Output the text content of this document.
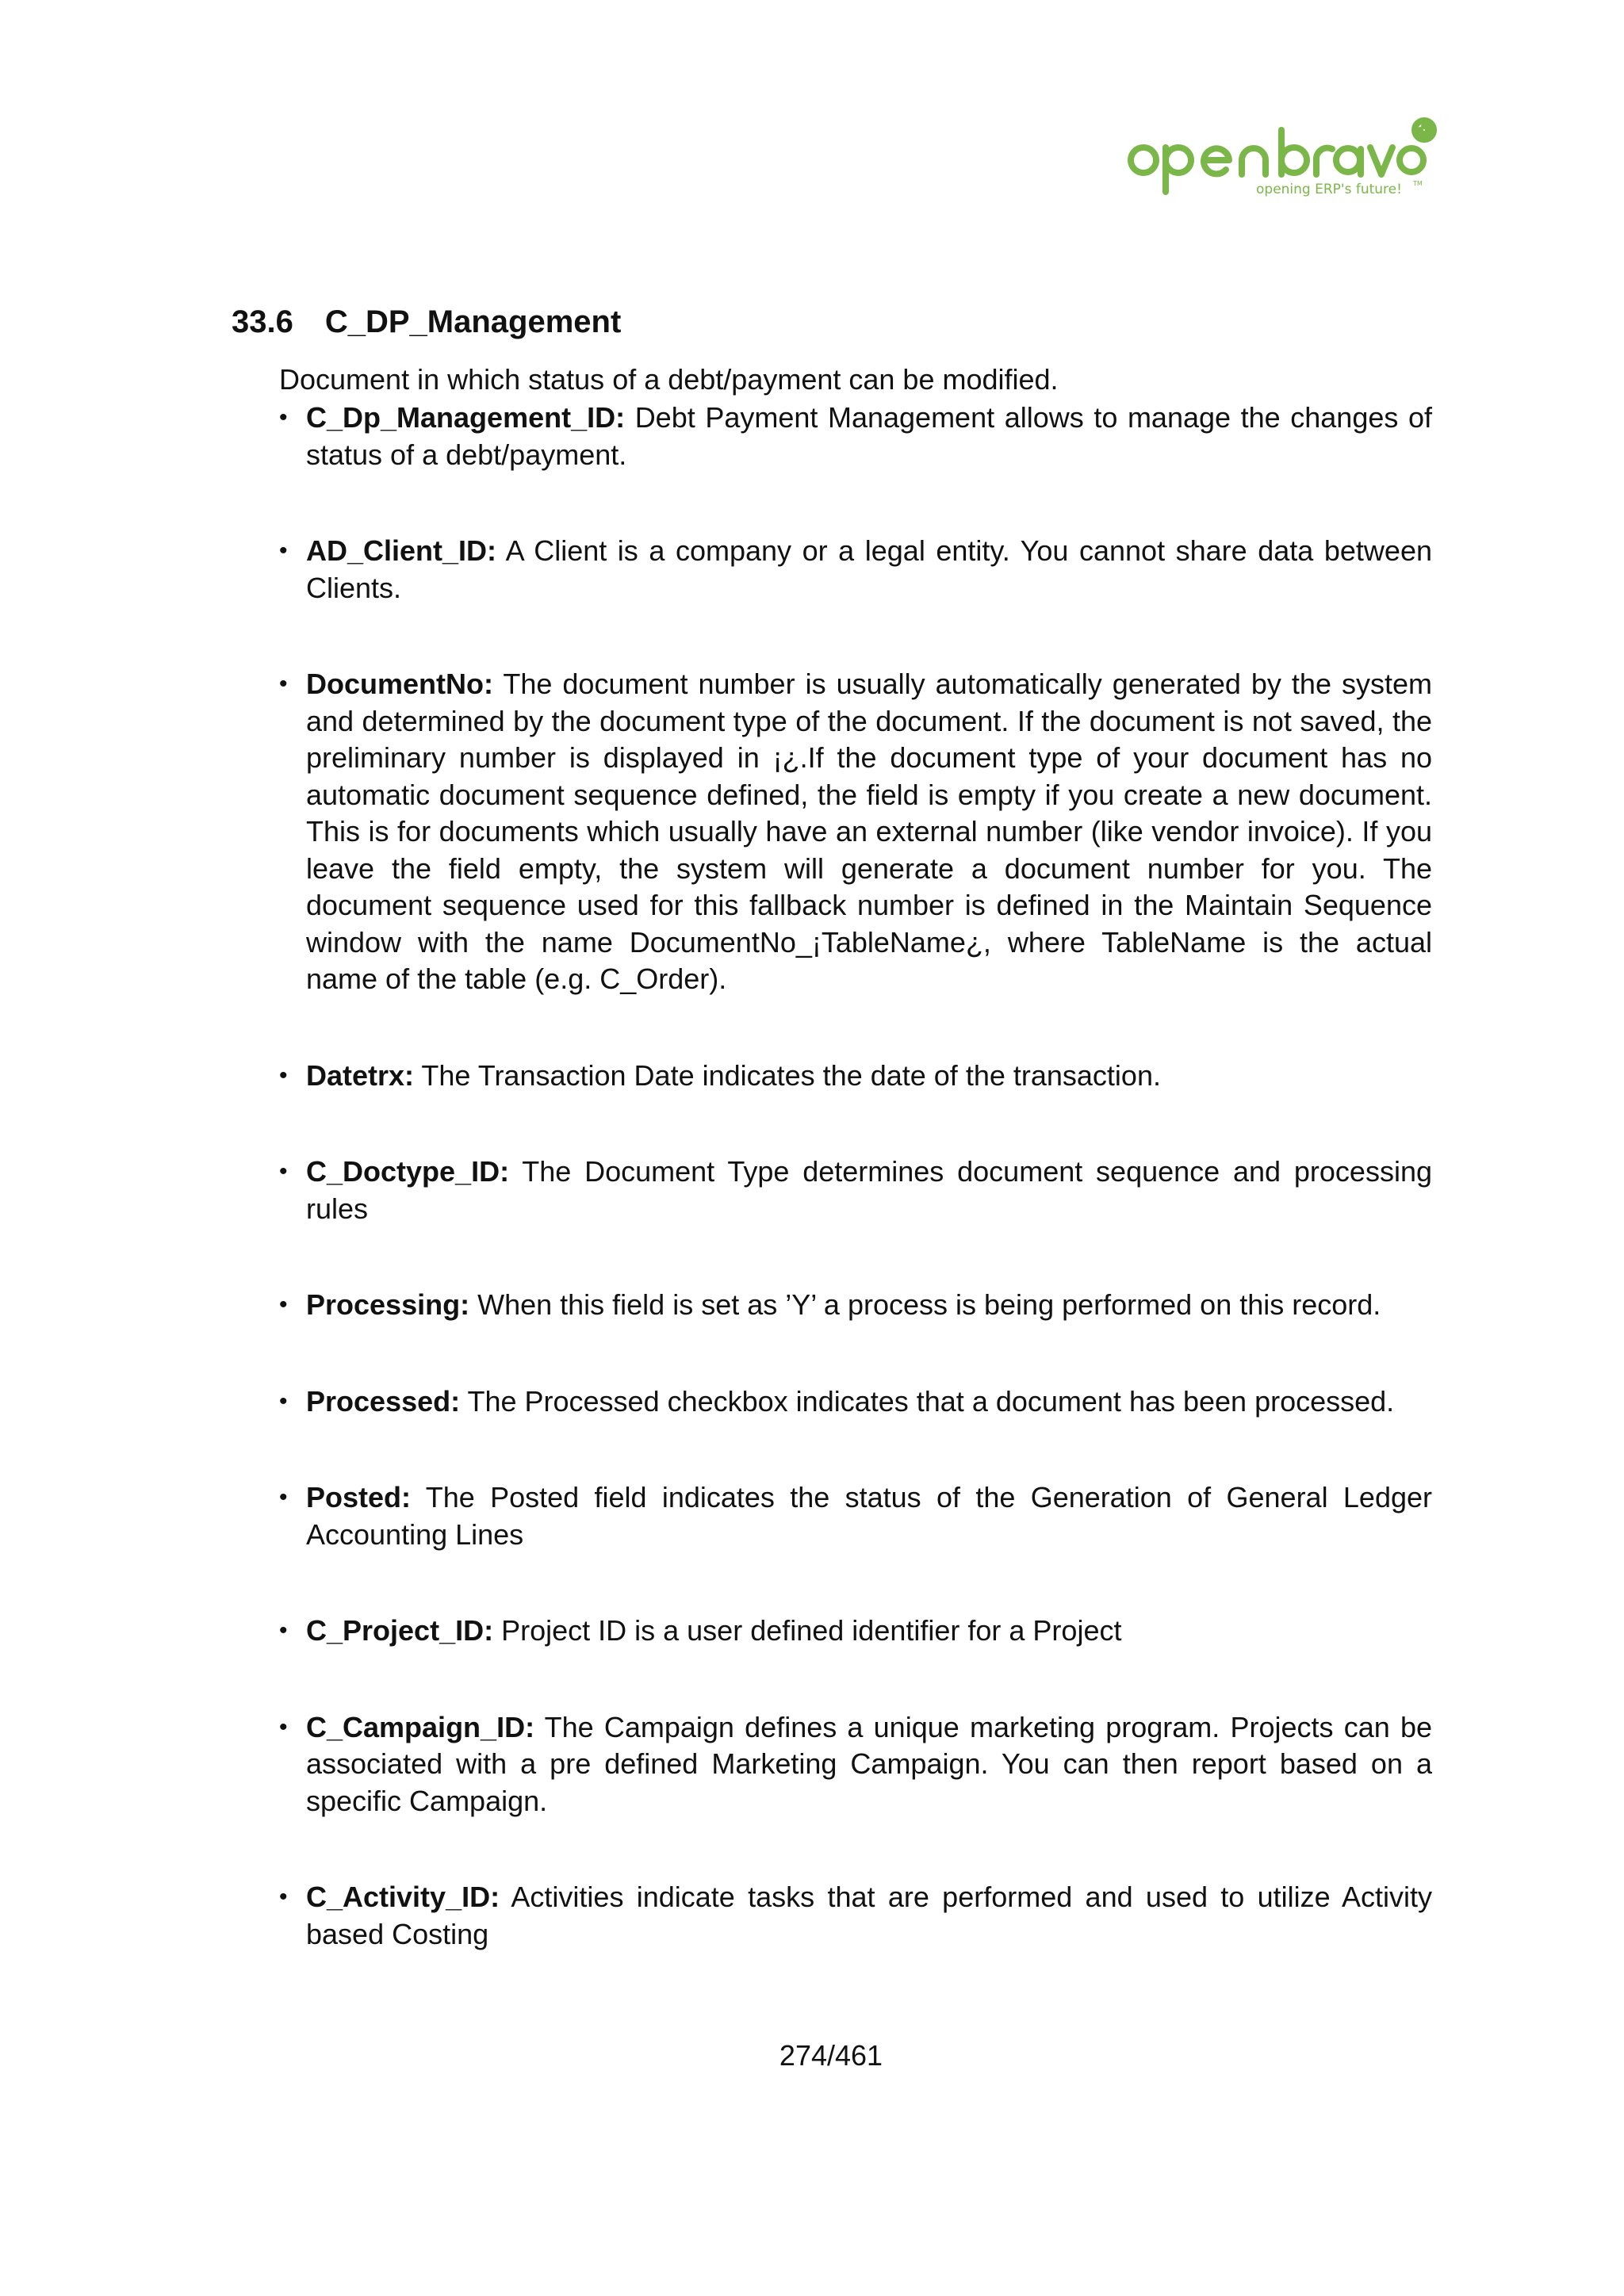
opening ERP's future! TM
33.6 C_DP_Management
Document in which status of a debt/payment can be modified.
• C_Dp_Management_ID: Debt Payment Management allows to manage the changes of status of a debt/payment.
• AD_Client_ID: A Client is a company or a legal entity. You cannot share data between Clients.
• DocumentNo: The document number is usually automatically generated by the system and determined by the document type of the document. If the document is not saved, the preliminary number is displayed in ¡¿.If the document type of your document has no automatic document sequence defined, the field is empty if you create a new document. This is for documents which usually have an external number (like vendor invoice). If you leave the field empty, the system will generate a document number for you. The document sequence used for this fallback number is defined in the Maintain Sequence window with the name DocumentNo_¡TableName¿, where TableName is the actual name of the table (e.g. C_Order).
• Datetrx: The Transaction Date indicates the date of the transaction.
• C_Doctype_ID: The Document Type determines document sequence and processing rules
• Processing: When this field is set as ’Y’ a process is being performed on this record.
• Processed: The Processed checkbox indicates that a document has been processed.
• Posted: The Posted field indicates the status of the Generation of General Ledger Accounting Lines
• C_Project_ID: Project ID is a user defined identifier for a Project
• C_Campaign_ID: The Campaign defines a unique marketing program. Projects can be associated with a pre defined Marketing Campaign. You can then report based on a specific Campaign.
• C_Activity_ID: Activities indicate tasks that are performed and used to utilize Activity based Costing
274/461
